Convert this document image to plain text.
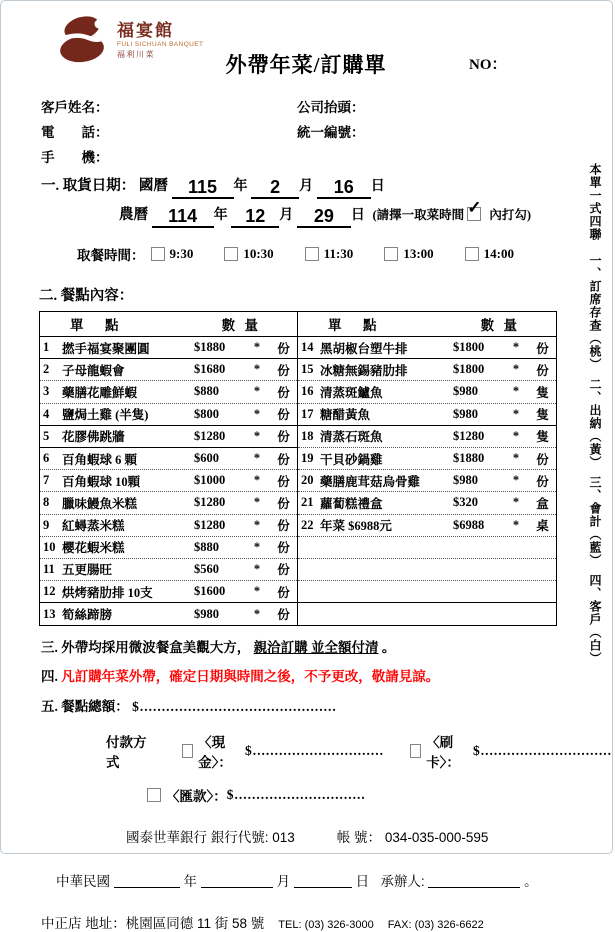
福宴館
FULI SICHUAN BANQUET
福利川菜	外帶年菜/訂購單	NO：
客戶姓名：	公司抬頭：
電　　話：	統一編號：
手　　機：
一. 取貨日期： 國曆 115 年 2 月 16 日
農曆 114 年 12 月 29 日 (請擇一取菜時間 ✓ 內打勾)
取餐時間： 9:30	10:30	11:30	13:00	14:00
二. 餐點內容：
單　點	數 量
1	撚手福宴聚團圓	$1880	*	份
2	子母龍蝦會	$1680	*	份
3	藥膳花雕鮮蝦	$880	*	份
4	鹽焗土雞 (半隻)	$800	*	份
5	花膠佛跳牆	$1280	*	份
6	百角蝦球 6 顆	$600	*	份
7	百角蝦球 10顆	$1000	*	份
8	臘味鰻魚米糕	$1280	*	份
9	紅蟳蒸米糕	$1280	*	份
10 櫻花蝦米糕	$880	*	份
11 五更腸旺	$560	*	份
12 烘烤豬肋排 10支	$1600	*	份
13 筍絲蹄膀	$980	*	份
單　點	數 量
14 黑胡椒台塑牛排	$1800	*	份
15 冰糖無錫豬肋排	$1800	*	份
16 清蒸斑鱸魚	$980	*	隻
17 糖醋黃魚	$980	*	隻
18 清蒸石斑魚	$1280	*	隻
19 干貝砂鍋雞	$1880	*	份
20 藥膳鹿茸菇烏骨雞	$980	*	份
21 蘿蔔糕禮盒	$320	*	盒
22 年菜 $6988元	$6988	*	桌
三. 外帶均採用微波餐盒美觀大方， 親洽訂購 並全額付清 。
四. 凡訂購年菜外帶，確定日期與時間之後，不予更改，敬請見諒。
五. 餐點總額： $.............................................
付款方式
〈現金〉：
$..............................
〈刷卡〉：
$..............................
〈匯款〉： $..............................
國泰世華銀行 銀行代號: 013	帳 號： 034-035-000-595
中華民國	年	月	日 承辦人:	。
中正店 地址：桃園區同德 11 街 58 號 TEL: (03) 326-3000 FAX: (03) 326-6622
本單一式四聯　一、訂席存查（桃）　二、出納（黃）　三、會計（藍）　四、客戶（白）
